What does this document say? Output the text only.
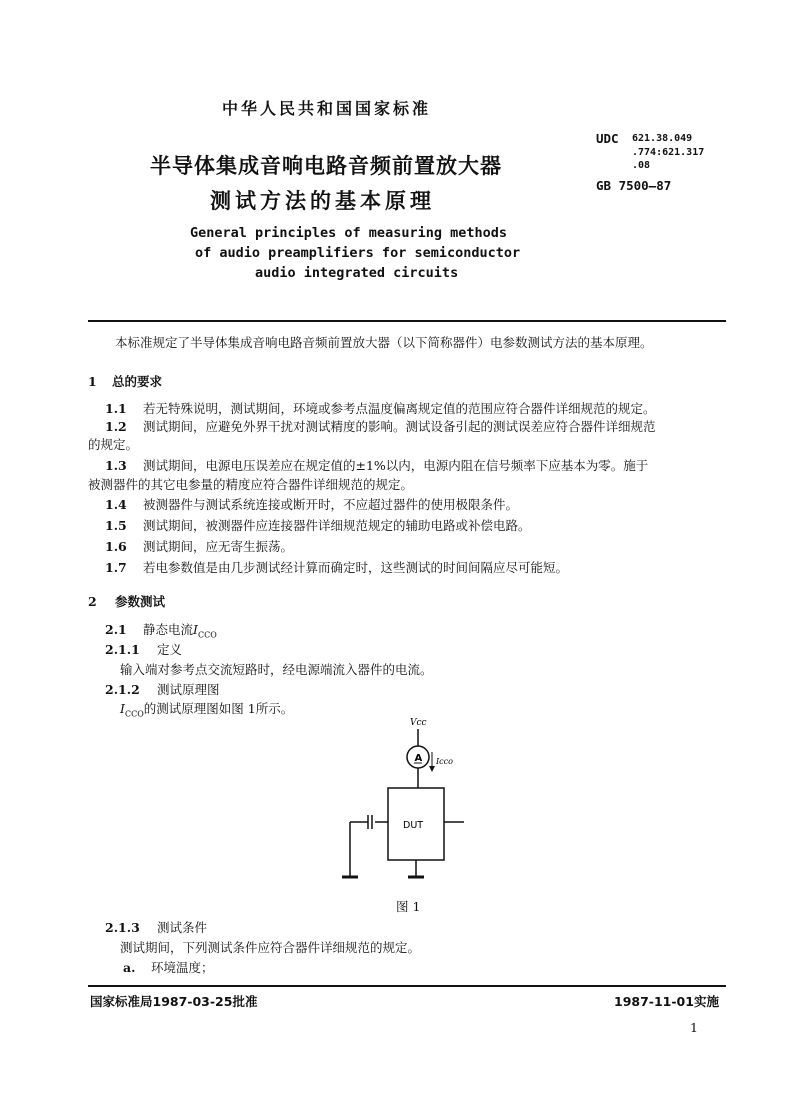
中华人民共和国国家标准
半导体集成音响电路音频前置放大器
测试方法的基本原理
General principles of measuring methods
of audio preamplifiers for semiconductor
audio integrated circuits
UDC 621.38.049
.774:621.317
.08
GB 7500—87
本标准规定了半导体集成音响电路音频前置放大器（以下简称器件）电参数测试方法的基本原理。
1 总的要求
1.1 若无特殊说明，测试期间，环境或参考点温度偏离规定值的范围应符合器件详细规范的规定。
1.2 测试期间，应避免外界干扰对测试精度的影响。测试设备引起的测试误差应符合器件详细规范
的规定。
1.3 测试期间，电源电压误差应在规定值的±1%以内，电源内阻在信号频率下应基本为零。施于
被测器件的其它电参量的精度应符合器件详细规范的规定。
1.4 被测器件与测试系统连接或断开时，不应超过器件的使用极限条件。
1.5 测试期间，被测器件应连接器件详细规范规定的辅助电路或补偿电路。
1.6 测试期间，应无寄生振荡。
1.7 若电参数值是由几步测试经计算而确定时，这些测试的时间间隔应尽可能短。
2 参数测试
2.1 静态电流$I_{CCO}$
2.1.1 定义
输入端对参考点交流短路时，经电源端流入器件的电流。
2.1.2 测试原理图
$I_{CCO}$的测试原理图如图 1所示。
Vcc
A Icco
DUT
图 1
2.1.3 测试条件
测试期间，下列测试条件应符合器件详细规范的规定。
a. 环境温度；
国家标准局1987-03-25批准	1987-11-01实施
1
